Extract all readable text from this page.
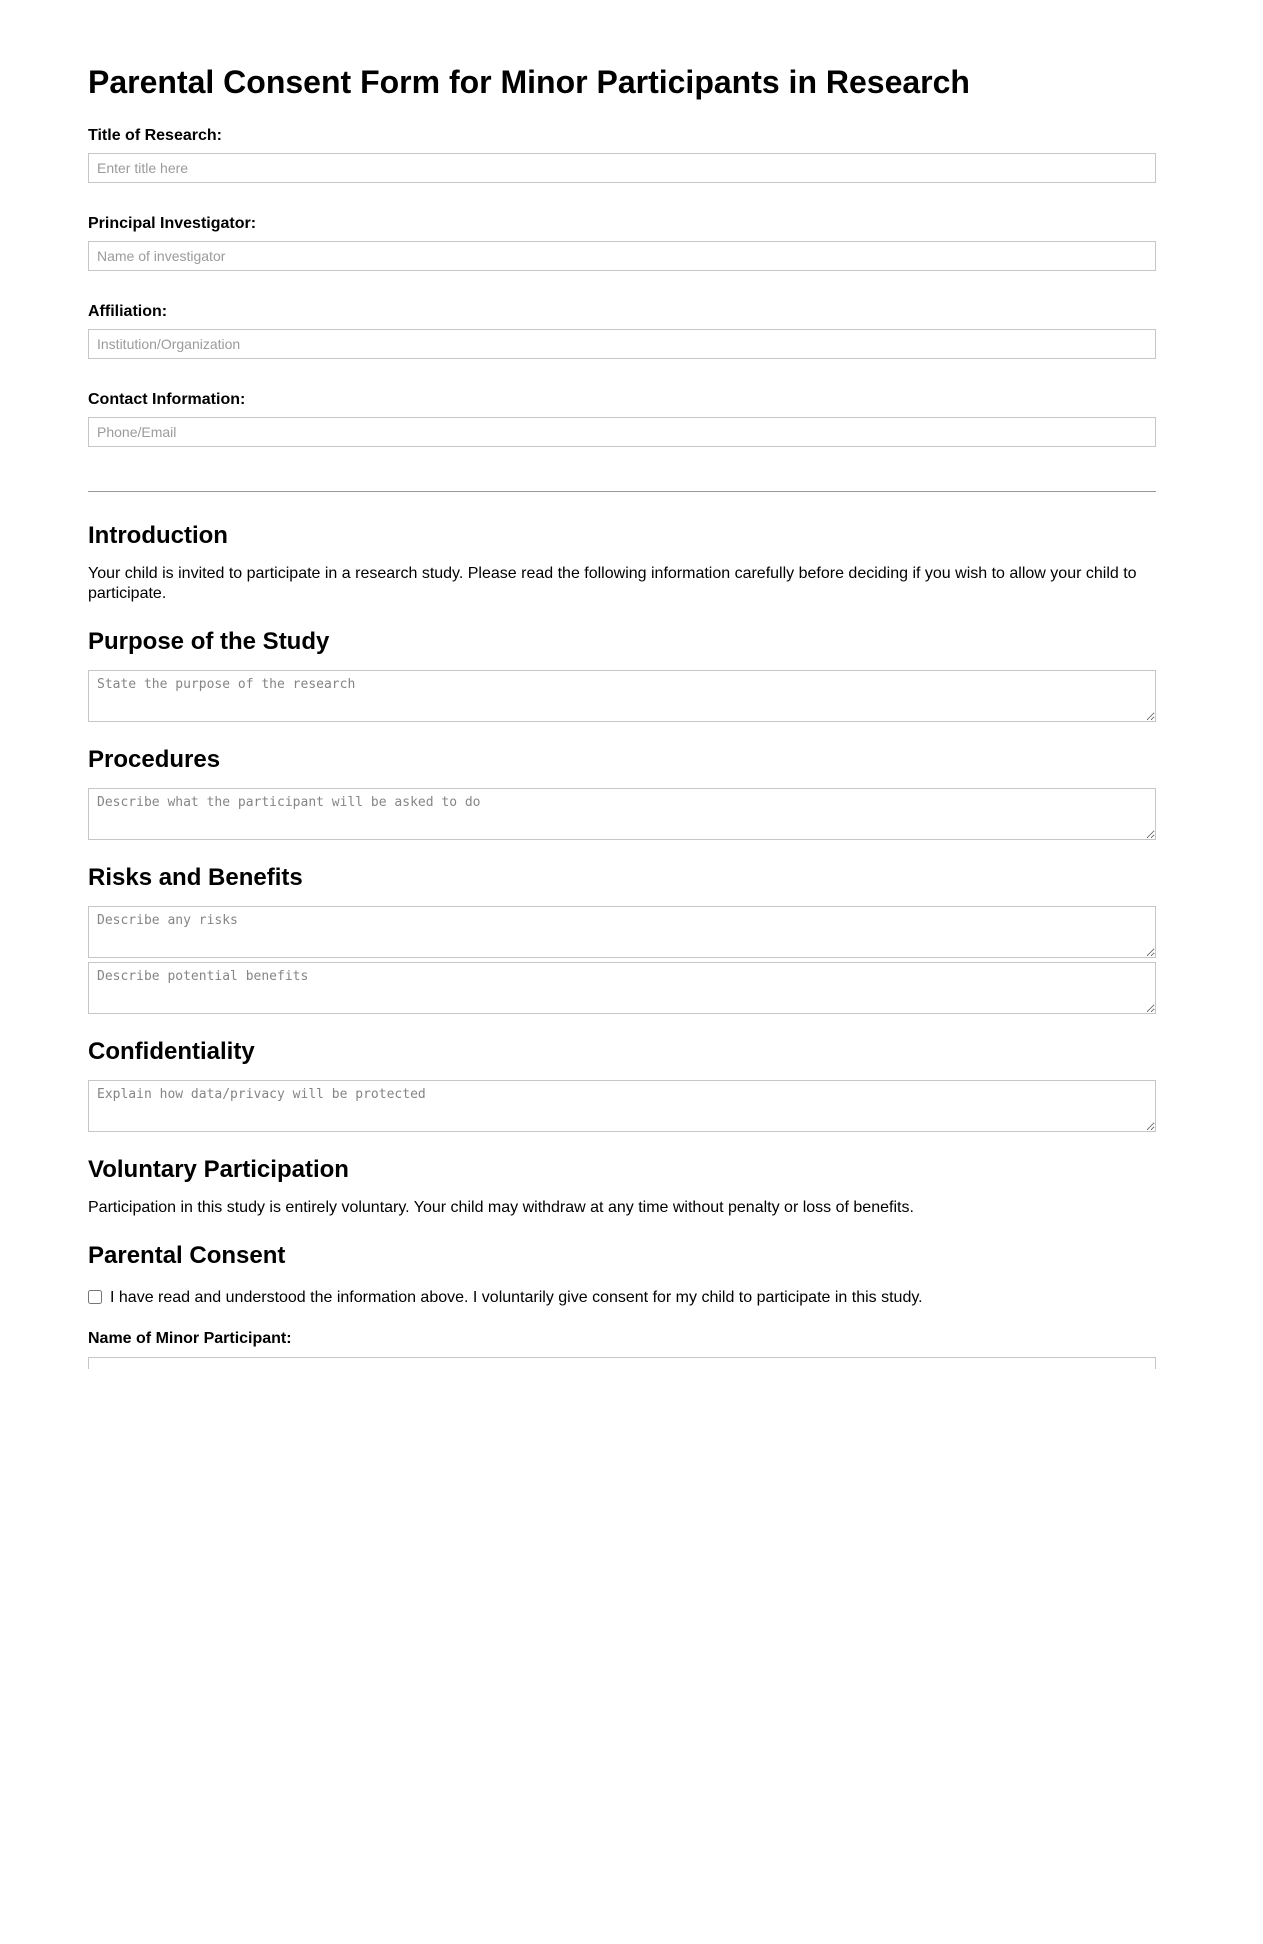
Parental Consent Form for Minor Participants in Research
Title of Research:
Enter title here
Principal Investigator:
Name of investigator
Affiliation:
Institution/Organization
Contact Information:
Phone/Email
Introduction

Your child is invited to participate in a research study. Please read the following information carefully before deciding if you wish to allow your child to participate.

Purpose of the Study
State the purpose of the research
Procedures
Describe what the participant will be asked to do
Risks and Benefits
Describe any risks
Describe potential benefits
Confidentiality
Explain how data/privacy will be protected
Voluntary Participation

Participation in this study is entirely voluntary. Your child may withdraw at any time without penalty or loss of benefits.

Parental Consent
I have read and understood the information above. I voluntarily give consent for my child to participate in this study.
Name of Minor Participant:
